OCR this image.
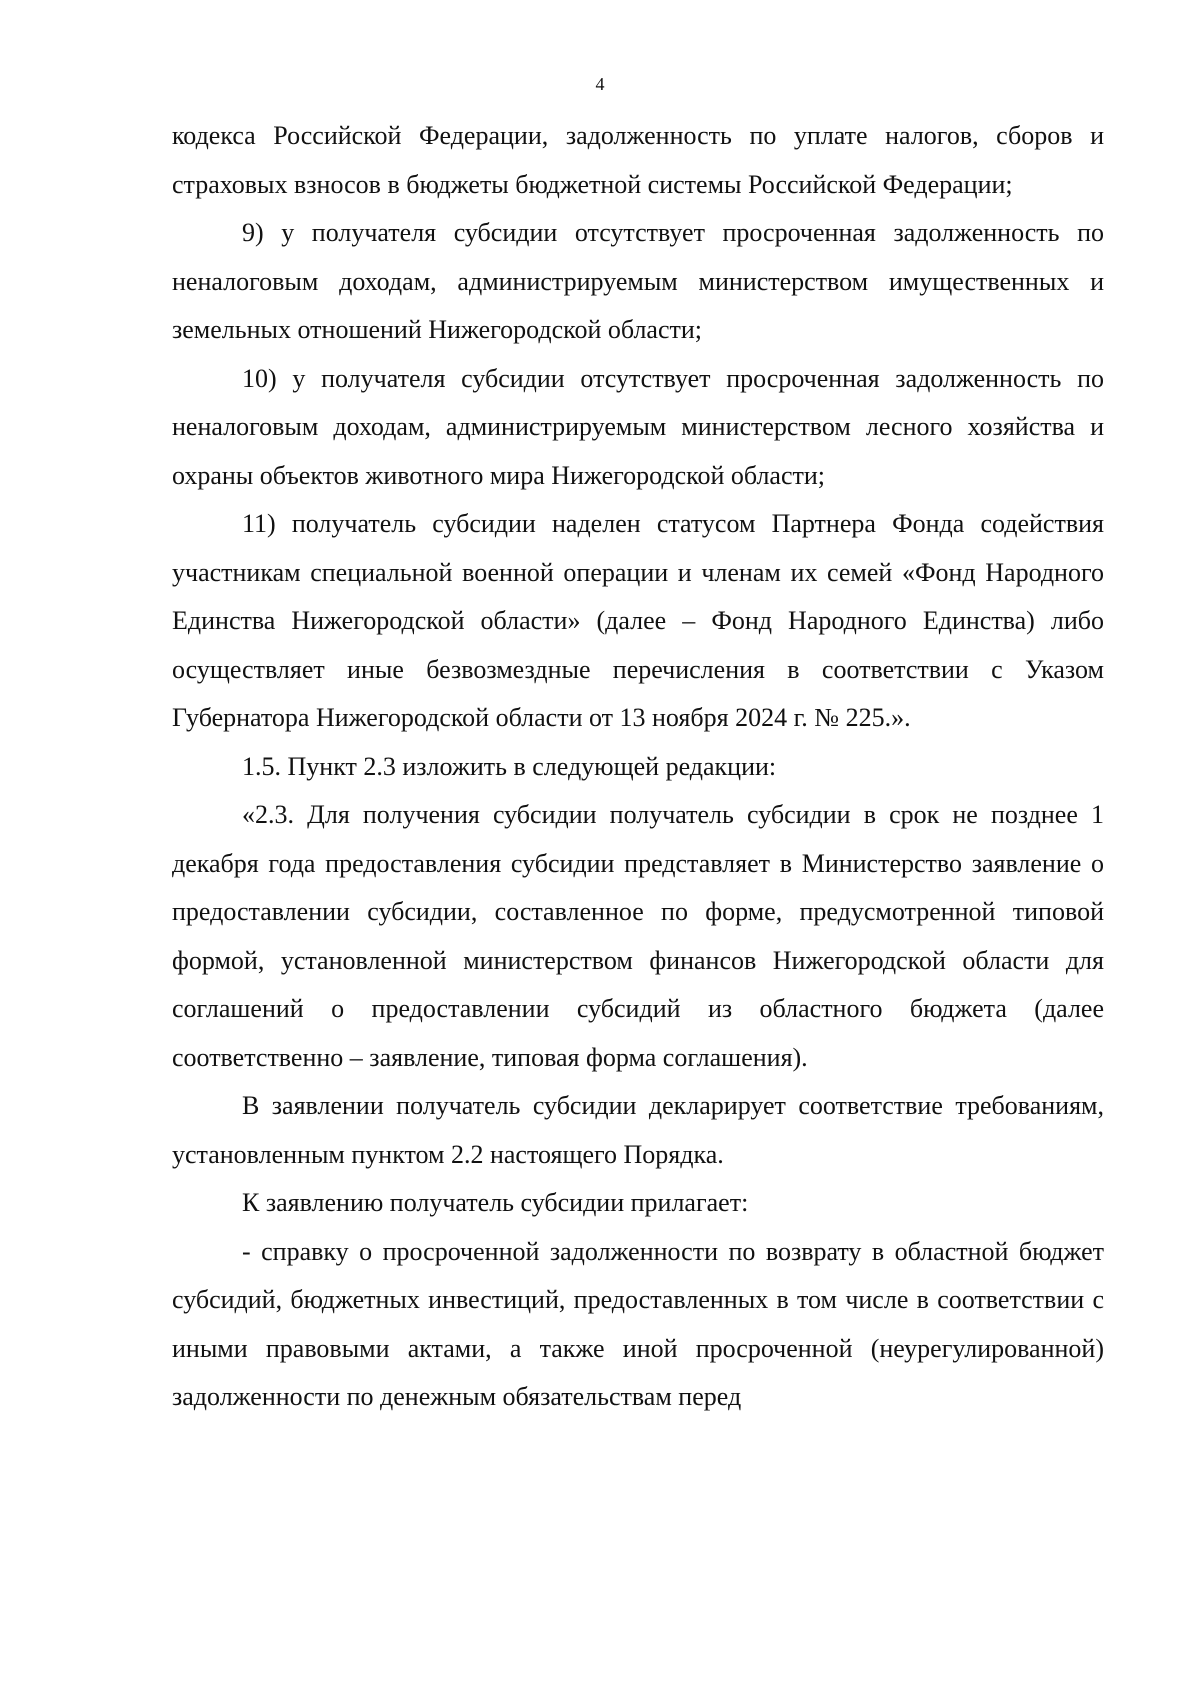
4

кодекса Российской Федерации, задолженность по уплате налогов, сборов и страховых взносов в бюджеты бюджетной системы Российской Федерации;

9) у получателя субсидии отсутствует просроченная задолженность по неналоговым доходам, администрируемым министерством имущественных и земельных отношений Нижегородской области;

10) у получателя субсидии отсутствует просроченная задолженность по неналоговым доходам, администрируемым министерством лесного хозяйства и охраны объектов животного мира Нижегородской области;

11) получатель субсидии наделен статусом Партнера Фонда содействия участникам специальной военной операции и членам их семей «Фонд Народного Единства Нижегородской области» (далее – Фонд Народного Единства) либо осуществляет иные безвозмездные перечисления в соответствии с Указом Губернатора Нижегородской области от 13 ноября 2024 г. № 225.».

1.5. Пункт 2.3 изложить в следующей редакции:

«2.3. Для получения субсидии получатель субсидии в срок не позднее 1 декабря года предоставления субсидии представляет в Министерство заявление о предоставлении субсидии, составленное по форме, предусмотренной типовой формой, установленной министерством финансов Нижегородской области для соглашений о предоставлении субсидий из областного бюджета (далее соответственно – заявление, типовая форма соглашения).

В заявлении получатель субсидии декларирует соответствие требованиям, установленным пунктом 2.2 настоящего Порядка.

К заявлению получатель субсидии прилагает:

- справку о просроченной задолженности по возврату в областной бюджет субсидий, бюджетных инвестиций, предоставленных в том числе в соответствии с иными правовыми актами, а также иной просроченной (неурегулированной) задолженности по денежным обязательствам перед
